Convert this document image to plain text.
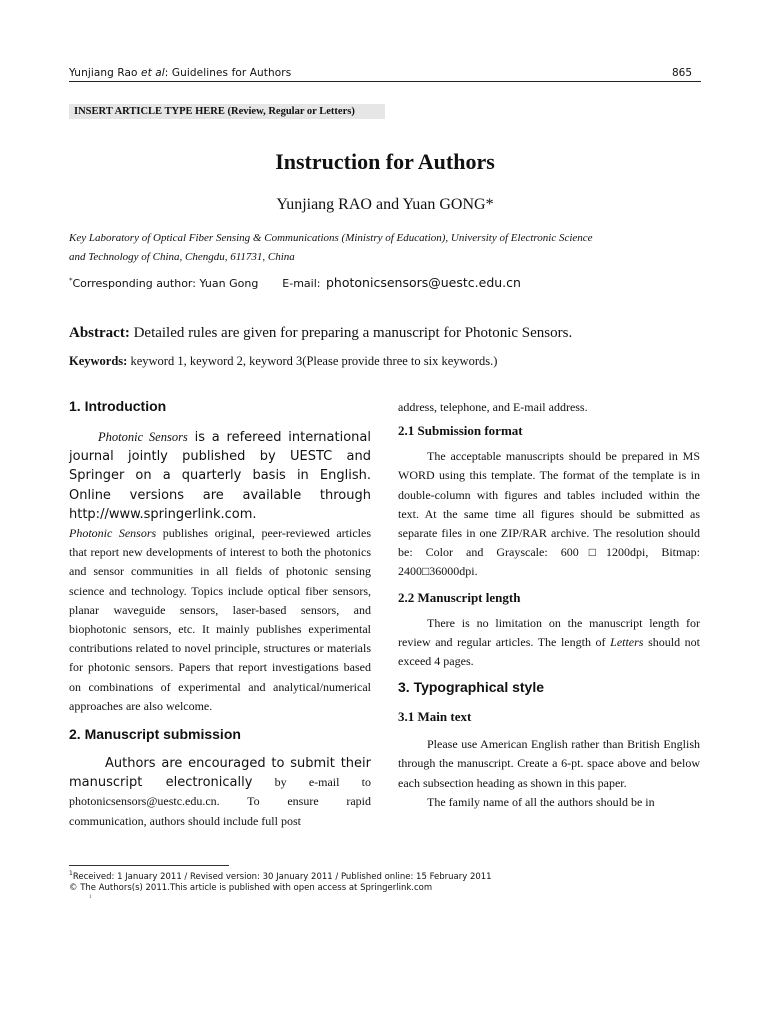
Yunjiang Rao et al: Guidelines for Authors	865
INSERT ARTICLE TYPE HERE (Review, Regular or Letters)
Instruction for Authors
Yunjiang RAO and Yuan GONG*
Key Laboratory of Optical Fiber Sensing & Communications (Ministry of Education), University of Electronic Science
and Technology of China, Chengdu, 611731, China
*Corresponding author: Yuan Gong E-mail: photonicsensors@uestc.edu.cn
Abstract: Detailed rules are given for preparing a manuscript for Photonic Sensors.
Keywords: keyword 1, keyword 2, keyword 3(Please provide three to six keywords.)
1. Introduction

Photonic Sensors is a refereed international journal jointly published by UESTC and Springer on a quarterly basis in English. Online versions are available through http://www.springerlink.com.

Photonic Sensors publishes original, peer-reviewed articles that report new developments of interest to both the photonics and sensor communities in all fields of photonic sensing science and technology. Topics include optical fiber sensors, planar waveguide sensors, laser-based sensors, and biophotonic sensors, etc. It mainly publishes experimental contributions related to novel principle, structures or materials for photonic sensors. Papers that report investigations based on combinations of experimental and analytical/numerical approaches are also welcome.

2. Manuscript submission

Authors are encouraged to submit their manuscript electronically by e-mail to photonicsensors@uestc.edu.cn. To ensure rapid communication, authors should include full post

address, telephone, and E-mail address.

2.1 Submission format

The acceptable manuscripts should be prepared in MS WORD using this template. The format of the template is in double-column with figures and tables included within the text. At the same time all figures should be submitted as separate files in one ZIP/RAR archive. The resolution should be: Color and Grayscale: 600□1200dpi, Bitmap: 2400□36000dpi.

2.2 Manuscript length

There is no limitation on the manuscript length for review and regular articles. The length of Letters should not exceed 4 pages.

3. Typographical style
3.1 Main text

Please use American English rather than British English through the manuscript. Create a 6-pt. space above and below each subsection heading as shown in this paper.

The family name of all the authors should be in

$^1$Received: 1 January 2011 / Revised version: 30 January 2011 / Published online: 15 February 2011
© The Authors(s) 2011.This article is published with open access at Springerlink.com
1
